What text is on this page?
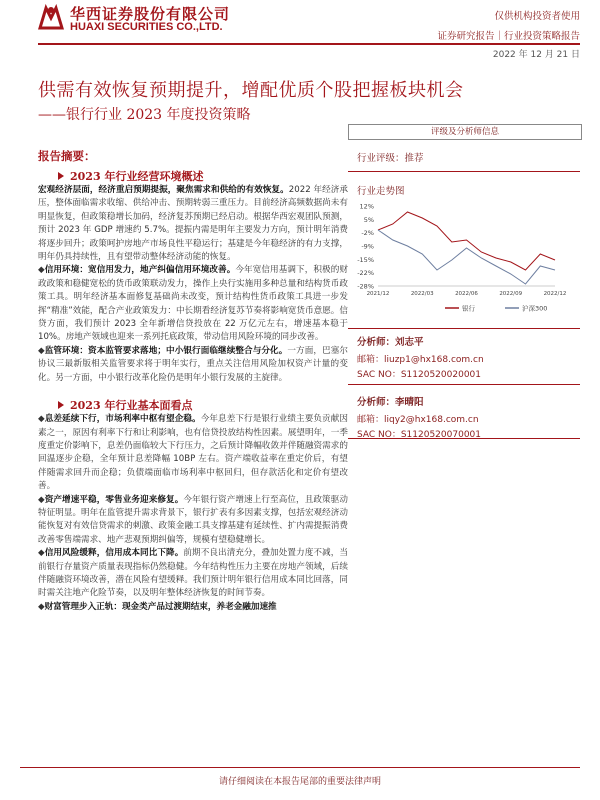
华西证券股份有限公司
HUAXI SECURITIES CO.,LTD.
仅供机构投资者使用
证券研究报告｜行业投资策略报告
2022 年 12 月 21 日
供需有效恢复预期提升，增配优质个股把握板块机会
——银行行业 2023 年度投资策略
报告摘要：
2023 年行业经营环境概述
宏观经济层面，经济重启预期提振，聚焦需求和供给的有效恢复。2022 年经济承压，整体面临需求收缩、供给冲击、预期转弱三重压力。目前经济高频数据尚未有明显恢复，但政策稳增长加码，经济复苏预期已经启动。根据华西宏观团队预测，预计 2023 年 GDP 增速约 5.7%。提振内需是明年主要发力方向，预计明年消费将逐步回升；政策呵护房地产市场良性平稳运行；基建是今年稳经济的有力支撑，明年仍具持续性，且有望带动整体经济动能的恢复。
◆信用环境：宽信用发力，地产纠偏信用环境改善。今年宽信用基调下，积极的财政政策和稳健宽松的货币政策联动发力，操作上央行实施用多种总量和结构货币政策工具。明年经济基本面修复基础尚未改变，预计结构性货币政策工具进一步发挥“精准”效能，配合产业政策发力：中长期看经济复苏节奏将影响宽货币意愿。信贷方面，我们预计 2023 全年新增信贷投放在 22 万亿元左右，增速基本稳于 10%。房地产领域也迎来一系列托底政策，带动信用风险环境的同步改善。
◆监管环境：资本监管要求落地；中小银行面临继续整合与分化。一方面，巴塞尔协议三最新版相关监管要求将于明年实行，重点关注信用风险加权资产计量的变化。另一方面，中小银行改革化险仍是明年小银行发展的主旋律。
2023 年行业基本面看点
◆息差延续下行，市场利率中枢有望企稳。今年息差下行是银行业绩主要负贡献因素之一，原因有利率下行和让利影响，也有信贷投放结构性因素。展望明年，一季度重定价影响下，息差仍面临较大下行压力，之后预计降幅收敛并伴随融资需求的回温逐步企稳，全年预计息差降幅 10BP 左右。资产端收益率在重定价后，有望伴随需求回升而企稳；负债端面临市场利率中枢回归，但存款活化和定价有望改善。
◆资产增速平稳，零售业务迎来修复。今年银行资产增速上行至高位，且政策驱动特征明显。明年在监管提升需求背景下，银行扩表有多因素支撑，包括宏观经济动能恢复对有效信贷需求的刺激、政策金融工具支撑基建有延续性、扩内需提振消费改善零售端需求、地产悲观预期纠偏等，规模有望稳健增长。
◆信用风险缓释，信用成本同比下降。前期不良出清充分，叠加处置力度不减，当前银行存量资产质量表现指标仍然稳健。今年结构性压力主要在房地产领域，后续伴随融资环境改善，潜在风险有望缓释。我们预计明年银行信用成本同比回落，同时需关注地产化险节奏，以及明年整体经济恢复的时间节奏。
◆财富管理步入正轨：现金类产品过渡期结束，养老金融加速推
评级及分析师信息
行业评级：推荐
行业走势图
12%
5%
-2%
-9%
-15%
-22%
-28%
2021/12	2022/03	2022/06	2022/09	2022/12
银行	沪深300
分析师：刘志平
邮箱：liuzp1@hx168.com.cn
SAC NO：S1120520020001
分析师：李晴阳
邮箱：liqy2@hx168.com.cn
SAC NO：S1120520070001
请仔细阅读在本报告尾部的重要法律声明
